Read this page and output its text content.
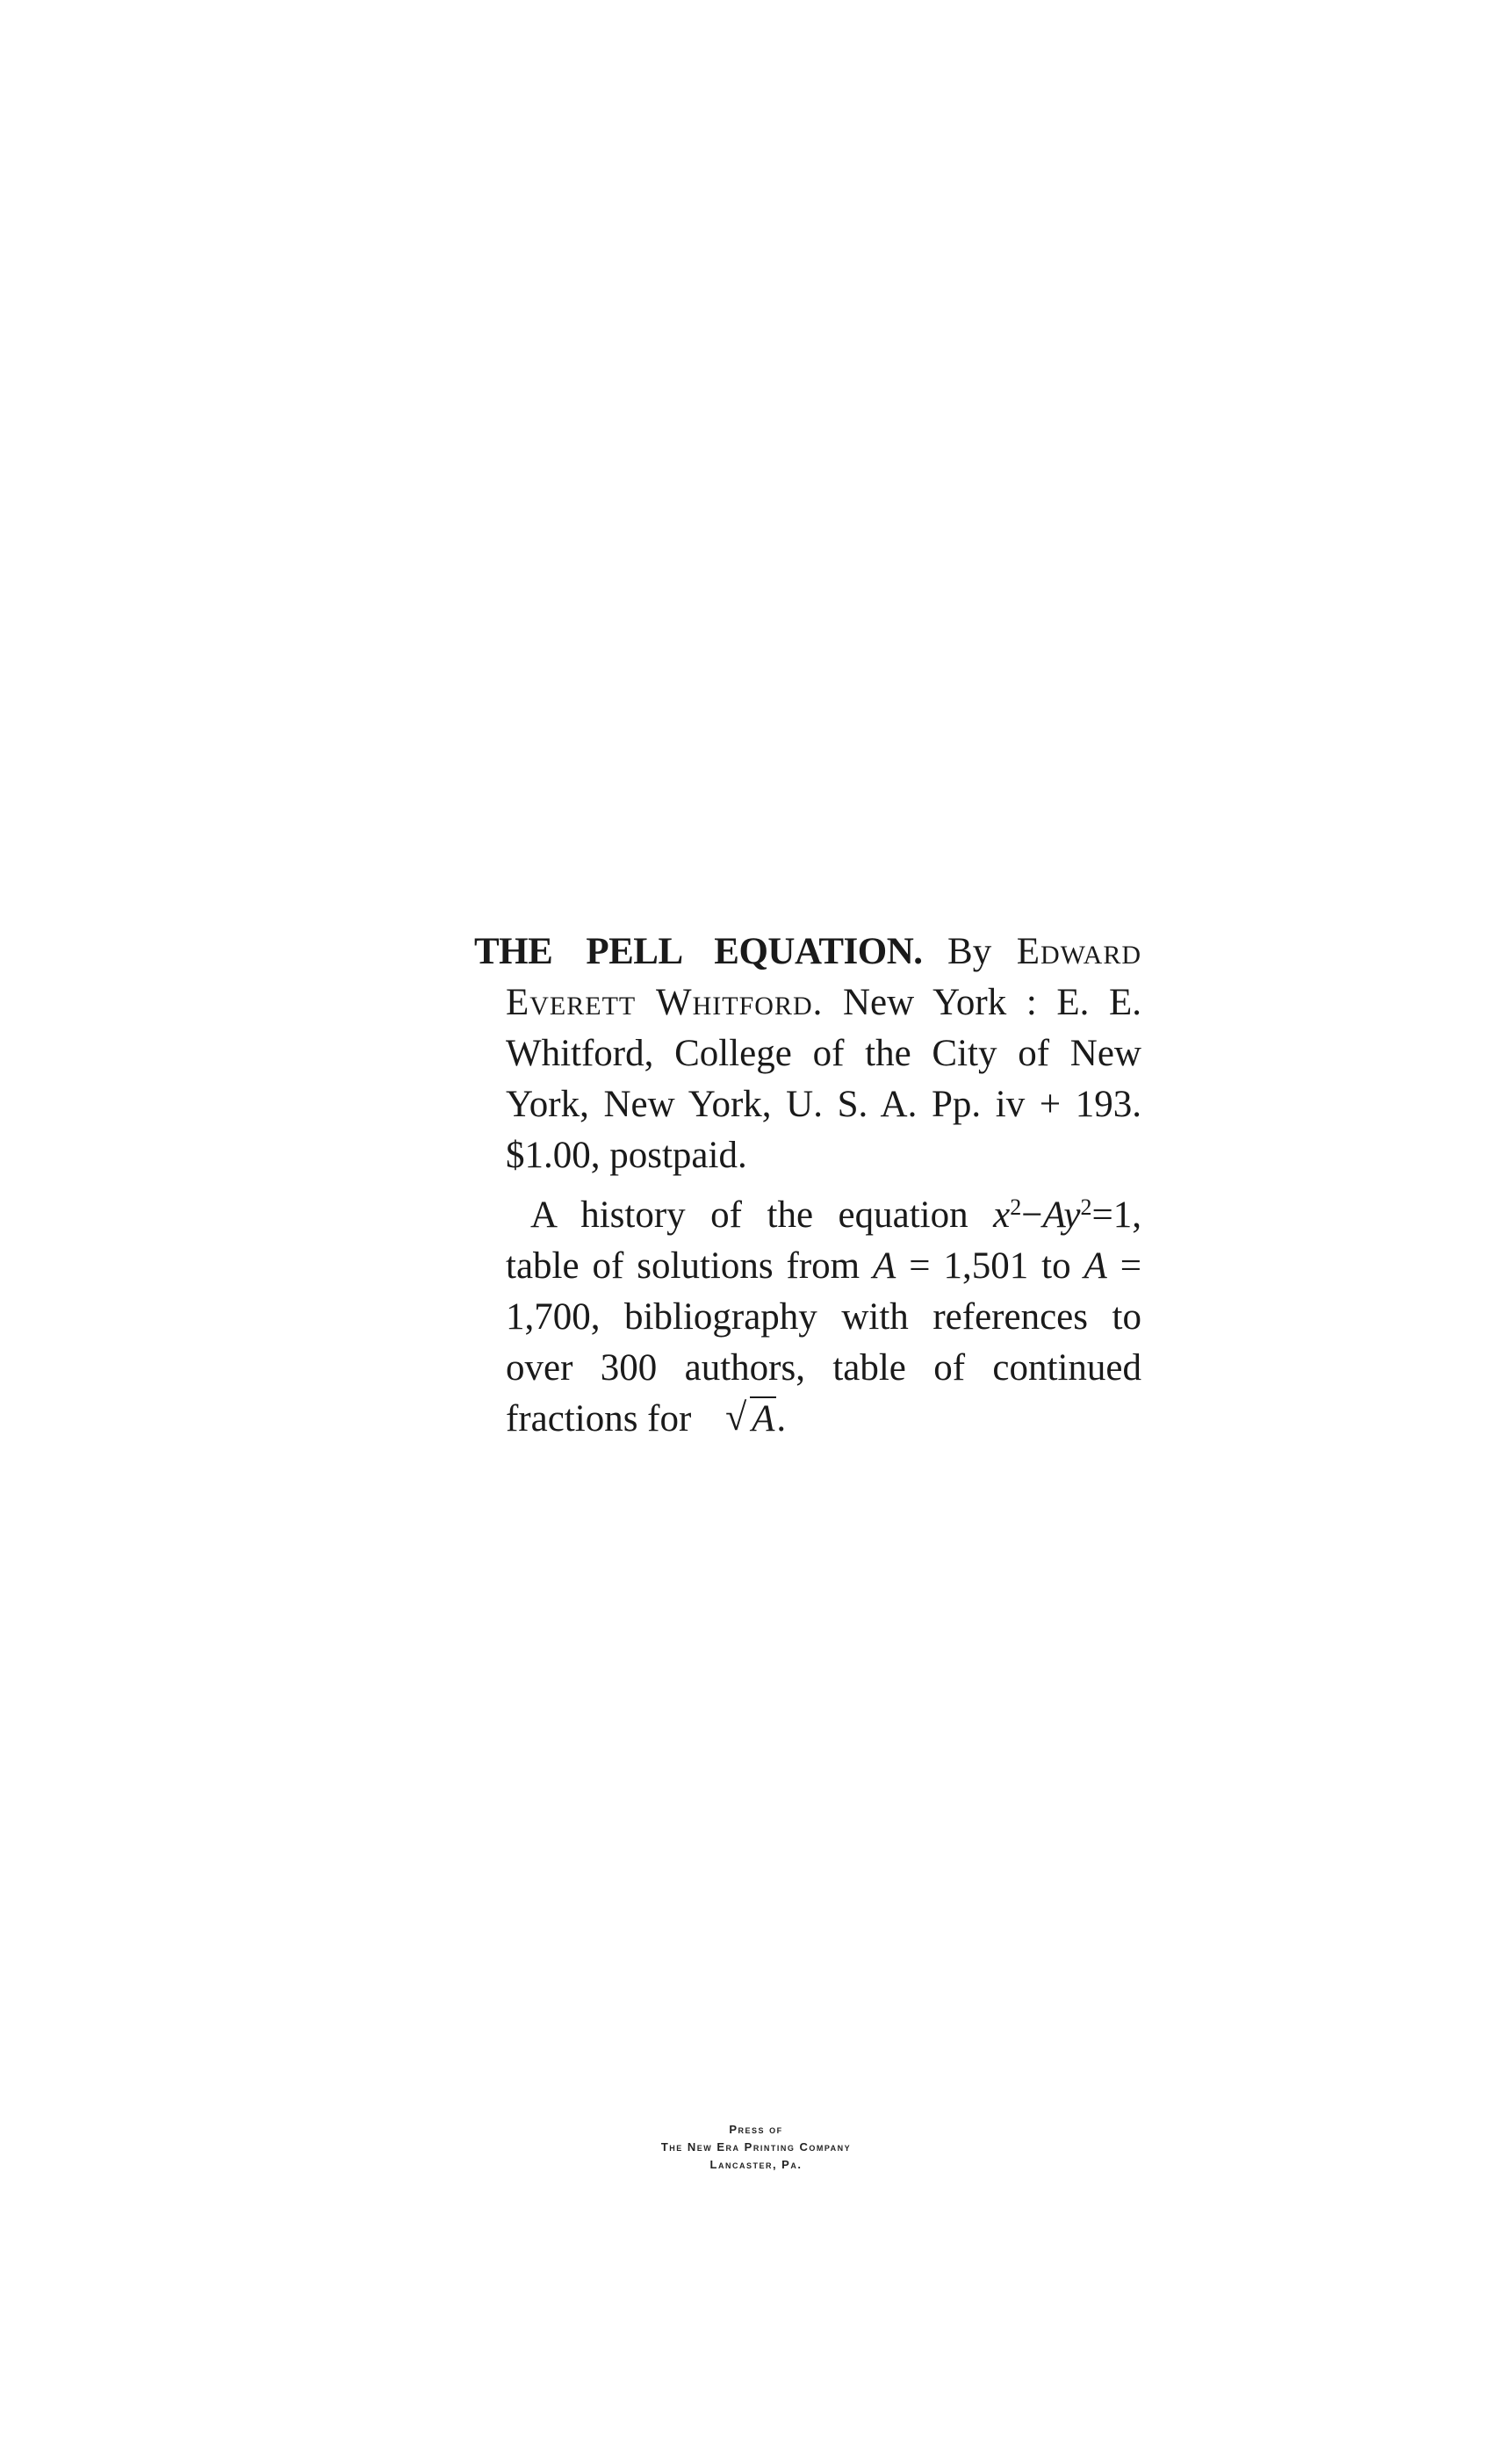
THE PELL EQUATION. By Edward Everett Whitford. New York : E. E. Whitford, College of the City of New York, New York, U. S. A. Pp. iv + 193. $1.00, postpaid.

A history of the equation $x^2-Ay^2=1$, table of solutions from A = 1,501 to A = 1,700, bibliography with references to over 300 authors, table of continued fractions for √ A.

Press of
The New Era Printing Company
Lancaster, Pa.
